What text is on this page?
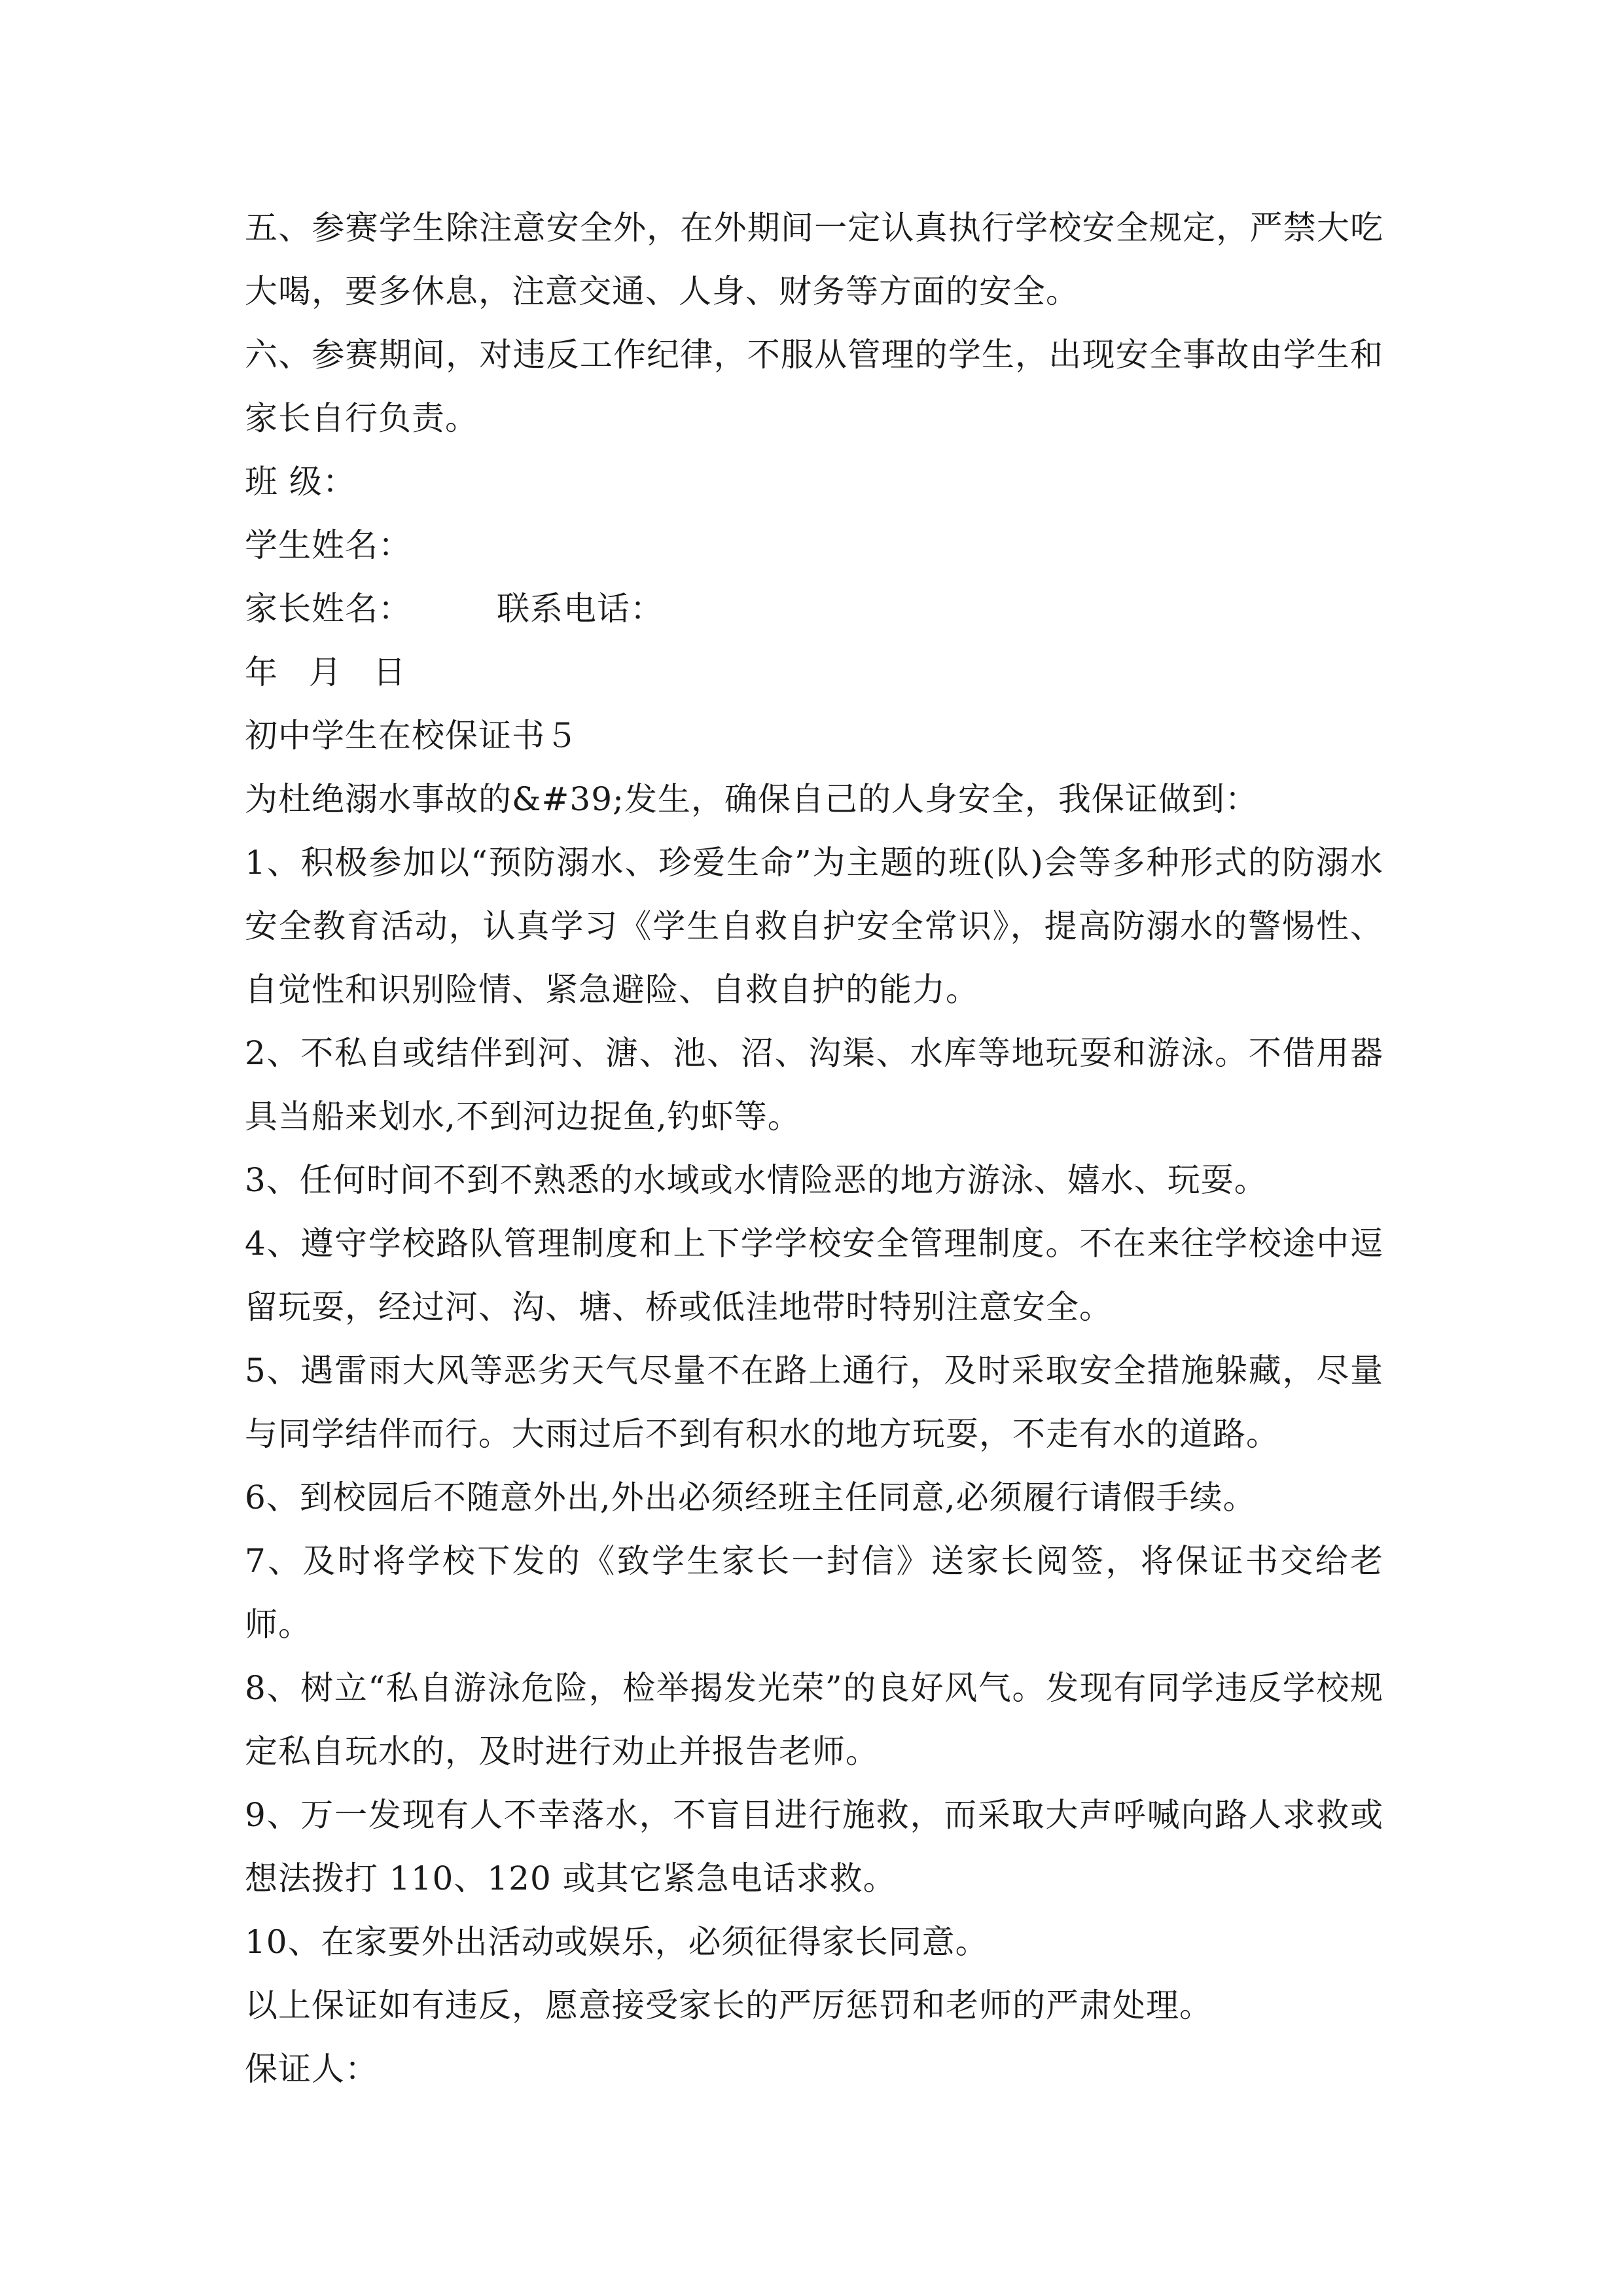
五、参赛学生除注意安全外，在外期间一定认真执行学校安全规定，严禁大吃大喝，要多休息，注意交通、人身、财务等方面的安全。

六、参赛期间，对违反工作纪律，不服从管理的学生，出现安全事故由学生和家长自行负责。

班 级：

学生姓名：

家长姓名：	联系电话：

年 月 日

初中学生在校保证书５

为杜绝溺水事故的&#39;发生，确保自己的人身安全，我保证做到：

1、积极参加以“预防溺水、珍爱生命”为主题的班(队)会等多种形式的防溺水安全教育活动，认真学习《学生自救自护安全常识》，提高防溺水的警惕性、自觉性和识别险情、紧急避险、自救自护的能力。

2、不私自或结伴到河、溏、池、沼、沟渠、水库等地玩耍和游泳。不借用器具当船来划水,不到河边捉鱼,钓虾等。

3、任何时间不到不熟悉的水域或水情险恶的地方游泳、嬉水、玩耍。

4、遵守学校路队管理制度和上下学学校安全管理制度。不在来往学校途中逗留玩耍，经过河、沟、塘、桥或低洼地带时特别注意安全。

5、遇雷雨大风等恶劣天气尽量不在路上通行，及时采取安全措施躲藏，尽量与同学结伴而行。大雨过后不到有积水的地方玩耍，不走有水的道路。

6、到校园后不随意外出,外出必须经班主任同意,必须履行请假手续。

7、及时将学校下发的《致学生家长一封信》送家长阅签，将保证书交给老师。

8、树立“私自游泳危险，检举揭发光荣”的良好风气。发现有同学违反学校规定私自玩水的，及时进行劝止并报告老师。

9、万一发现有人不幸落水，不盲目进行施救，而采取大声呼喊向路人求救或想法拨打 110、120 或其它紧急电话求救。

10、在家要外出活动或娱乐，必须征得家长同意。

以上保证如有违反，愿意接受家长的严厉惩罚和老师的严肃处理。

保证人：
